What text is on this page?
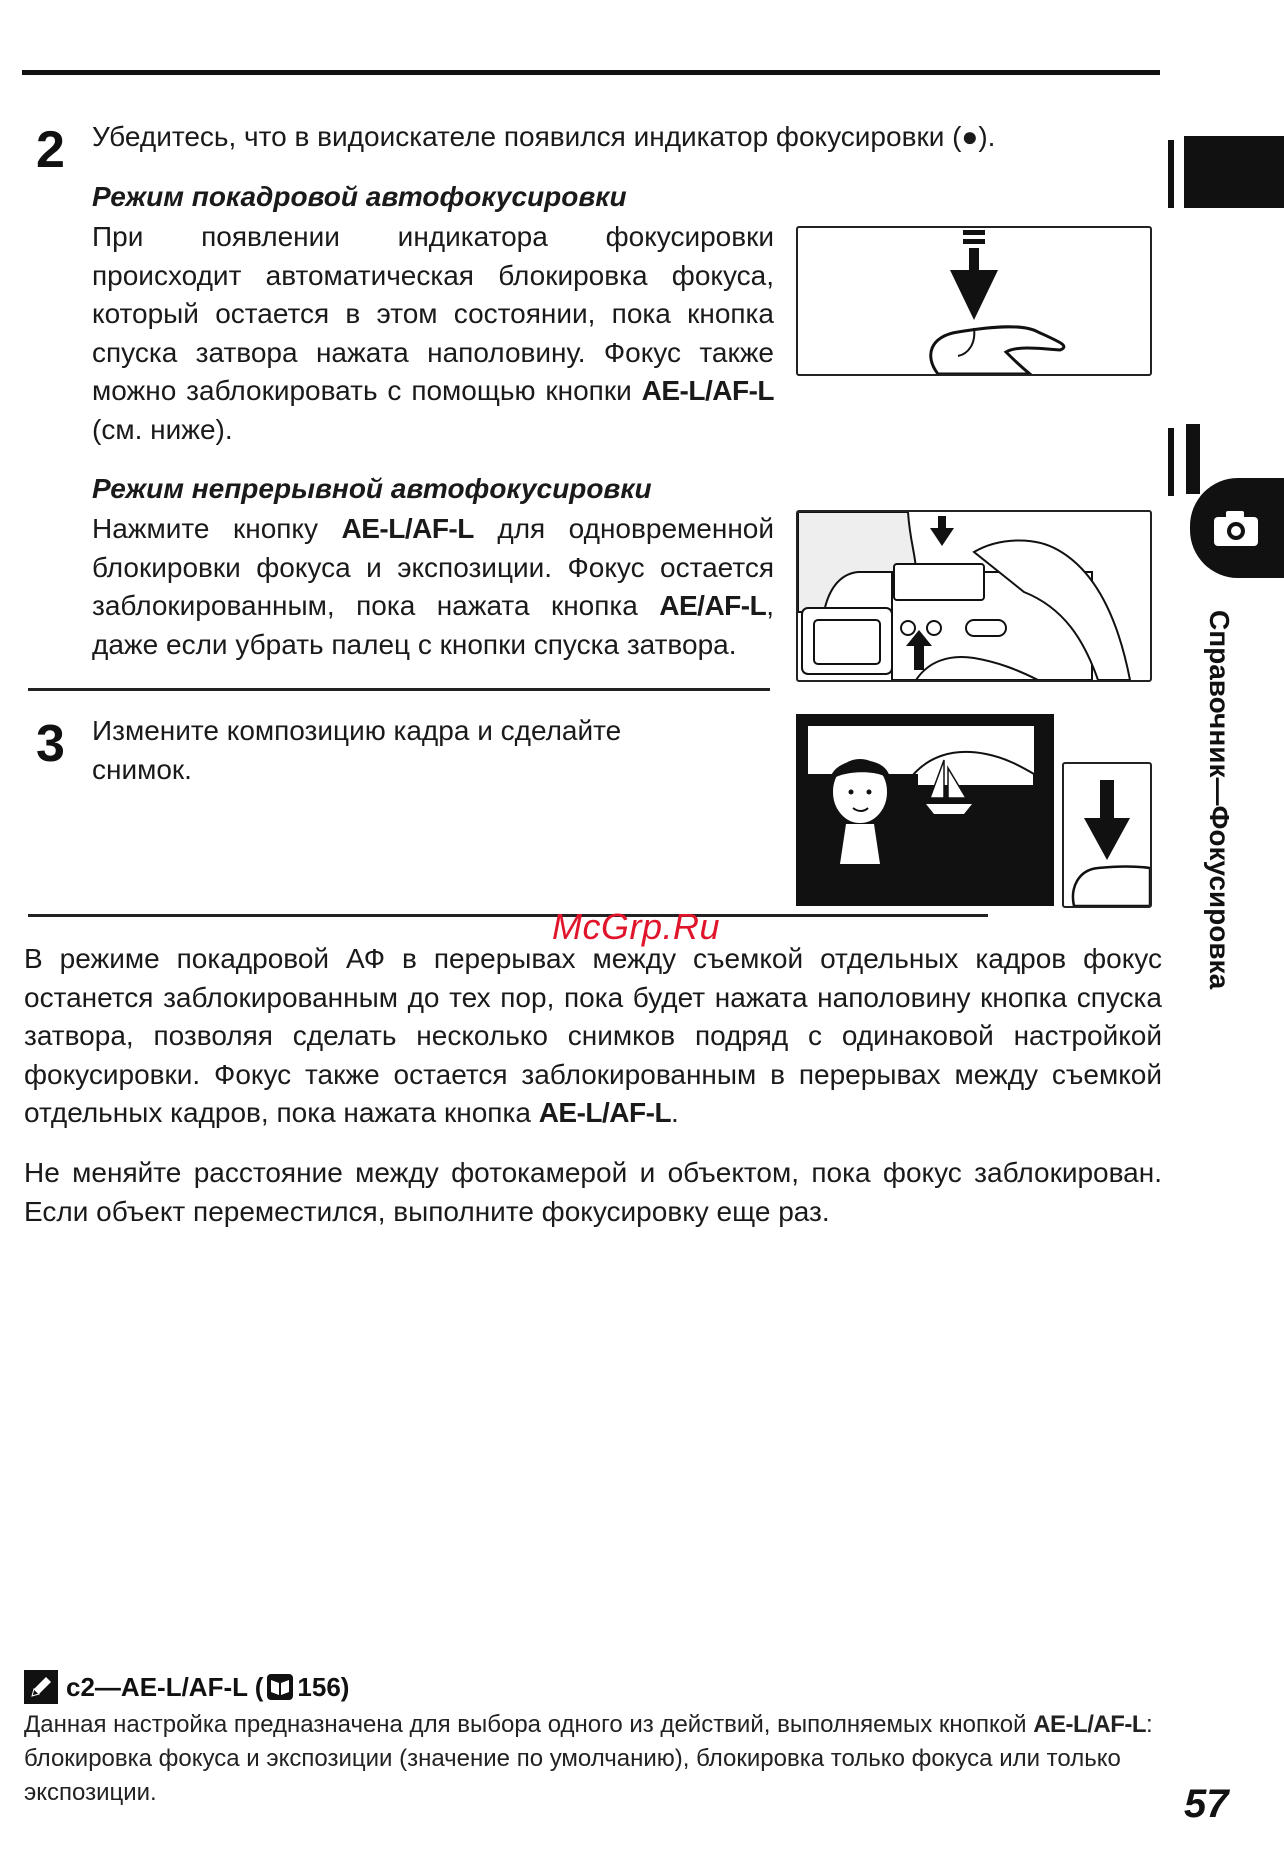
Справочник—Фокусировка
2 Убедитесь, что в видоискателе появился индикатор фокусировки (●).
Режим покадровой автофокусировки
При появлении индикатора фокусировки происходит автоматическая блокировка фокуса, который остается в этом состоянии, пока кнопка спуска затвора нажата наполовину. Фокус также можно заблокировать с помощью кнопки AE-L/AF-L (см. ниже).
Режим непрерывной автофокусировки
Нажмите кнопку AE-L/AF-L для одновременной блокировки фокуса и экспозиции. Фокус остается заблокированным, пока нажата кнопка AE/AF-L, даже если убрать палец с кнопки спуска затвора.
3 Измените композицию кадра и сделайте снимок.
McGrp.Ru
В режиме покадровой АФ в перерывах между съемкой отдельных кадров фокус останется заблокированным до тех пор, пока будет нажата наполовину кнопка спуска затвора, позволяя сделать несколько снимков подряд с одинаковой настройкой фокусировки. Фокус также остается заблокированным в перерывах между съемкой отдельных кадров, пока нажата кнопка AE-L/AF-L.
Не меняйте расстояние между фотокамерой и объектом, пока фокус заблокирован. Если объект переместился, выполните фокусировку еще раз.
c2—AE-L/AF-L ( 156)
Данная настройка предназначена для выбора одного из действий, выполняемых кнопкой AE-L/AF-L: блокировка фокуса и экспозиции (значение по умолчанию), блокировка только фокуса или только экспозиции.	57
